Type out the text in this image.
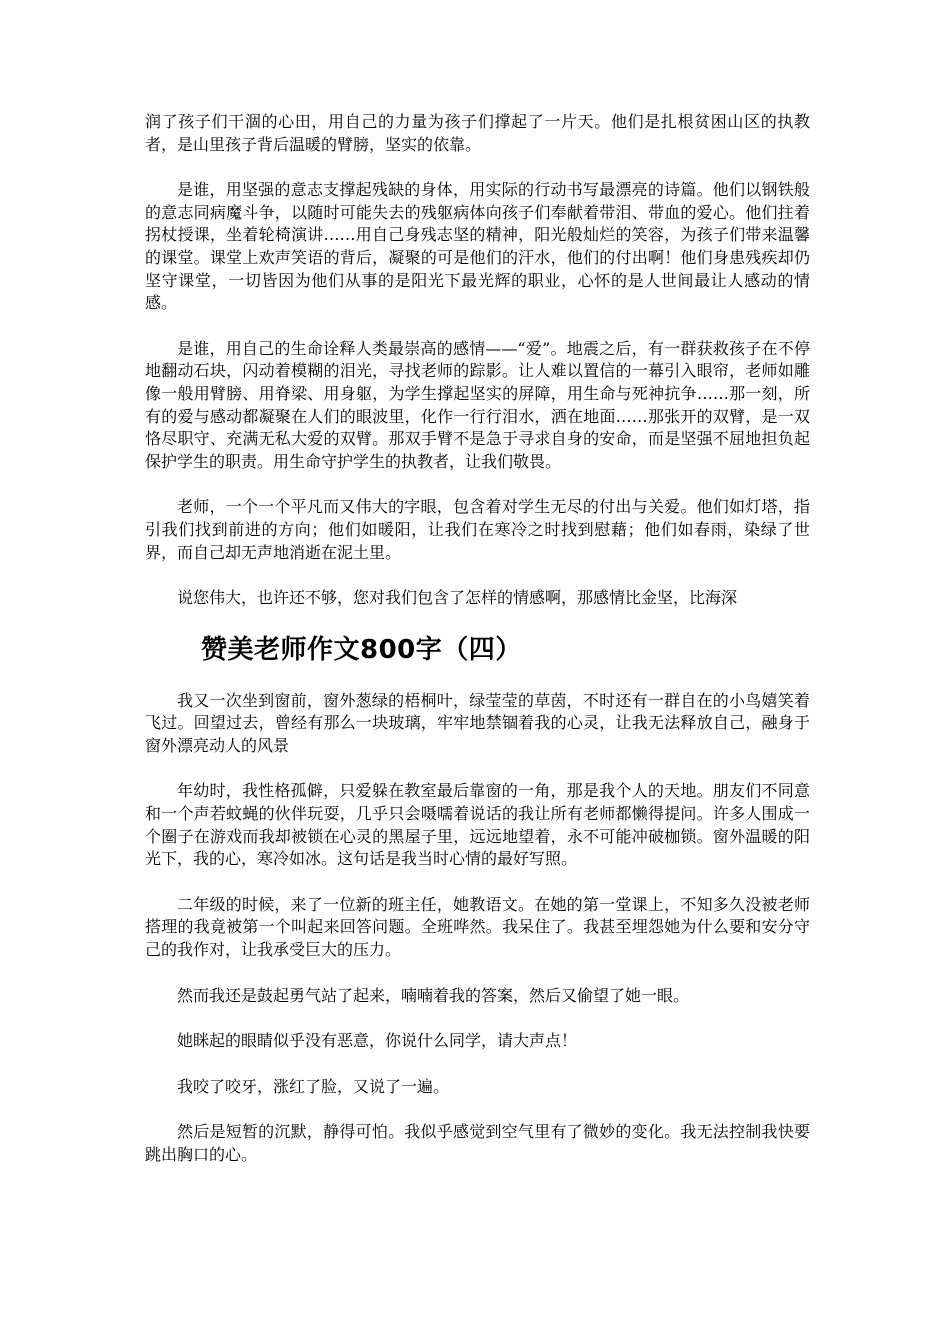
润了孩子们干涸的心田，用自己的力量为孩子们撑起了一片天。他们是扎根贫困山区的执教者，是山里孩子背后温暖的臂膀，坚实的依靠。

是谁，用坚强的意志支撑起残缺的身体，用实际的行动书写最漂亮的诗篇。他们以钢铁般的意志同病魔斗争，以随时可能失去的残躯病体向孩子们奉献着带泪、带血的爱心。他们拄着拐杖授课，坐着轮椅演讲……用自己身残志坚的精神，阳光般灿烂的笑容，为孩子们带来温馨的课堂。课堂上欢声笑语的背后，凝聚的可是他们的汗水，他们的付出啊！他们身患残疾却仍坚守课堂，一切皆因为他们从事的是阳光下最光辉的职业，心怀的是人世间最让人感动的情感。

是谁，用自己的生命诠释人类最崇高的感情——“爱”。地震之后，有一群获救孩子在不停地翻动石块，闪动着模糊的泪光，寻找老师的踪影。让人难以置信的一幕引入眼帘，老师如雕像一般用臂膀、用脊梁、用身躯，为学生撑起坚实的屏障，用生命与死神抗争……那一刻，所有的爱与感动都凝聚在人们的眼波里，化作一行行泪水，洒在地面……那张开的双臂，是一双恪尽职守、充满无私大爱的双臂。那双手臂不是急于寻求自身的安命，而是坚强不屈地担负起保护学生的职责。用生命守护学生的执教者，让我们敬畏。

老师，一个一个平凡而又伟大的字眼，包含着对学生无尽的付出与关爱。他们如灯塔，指引我们找到前进的方向；他们如暖阳，让我们在寒冷之时找到慰藉；他们如春雨，染绿了世界，而自己却无声地消逝在泥土里。

说您伟大，也许还不够，您对我们包含了怎样的情感啊，那感情比金坚，比海深

赞美老师作文800字（四）

我又一次坐到窗前，窗外葱绿的梧桐叶，绿莹莹的草茵，不时还有一群自在的小鸟嬉笑着飞过。回望过去，曾经有那么一块玻璃，牢牢地禁锢着我的心灵，让我无法释放自己，融身于窗外漂亮动人的风景

年幼时，我性格孤僻，只爱躲在教室最后靠窗的一角，那是我个人的天地。朋友们不同意和一个声若蚊蝇的伙伴玩耍，几乎只会嗫嚅着说话的我让所有老师都懒得提问。许多人围成一个圈子在游戏而我却被锁在心灵的黑屋子里，远远地望着，永不可能冲破枷锁。窗外温暖的阳光下，我的心，寒冷如冰。这句话是我当时心情的最好写照。

二年级的时候，来了一位新的班主任，她教语文。在她的第一堂课上，不知多久没被老师搭理的我竟被第一个叫起来回答问题。全班哗然。我呆住了。我甚至埋怨她为什么要和安分守己的我作对，让我承受巨大的压力。

然而我还是鼓起勇气站了起来，喃喃着我的答案，然后又偷望了她一眼。

她眯起的眼睛似乎没有恶意，你说什么同学，请大声点！

我咬了咬牙，涨红了脸，又说了一遍。

然后是短暂的沉默，静得可怕。我似乎感觉到空气里有了微妙的变化。我无法控制我快要跳出胸口的心。
